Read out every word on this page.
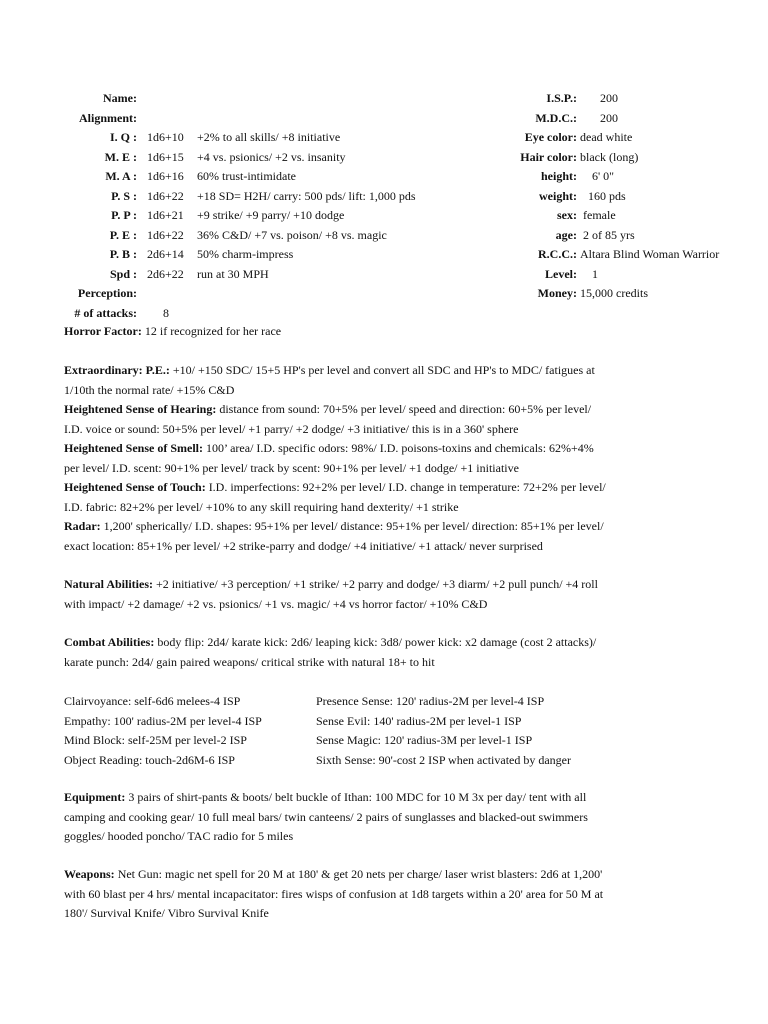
Name:
Alignment:
I. Q : 1d6+10 +2% to all skills/ +8 initiative
M. E : 1d6+15 +4 vs. psionics/ +2 vs. insanity
M. A : 1d6+16 60% trust-intimidate
P. S : 1d6+22 +18 SD= H2H/ carry: 500 pds/ lift: 1,000 pds
P. P : 1d6+21 +9 strike/ +9 parry/ +10 dodge
P. E : 1d6+22 36% C&D/ +7 vs. poison/ +8 vs. magic
P. B : 2d6+14 50% charm-impress
Spd : 2d6+22 run at 30 MPH
Perception:
# of attacks: 8
I.S.P.: 200
M.D.C.: 200
Eye color: dead white
Hair color: black (long)
height: 6' 0"
weight: 160 pds
sex: female
age: 2 of 85 yrs
R.C.C.: Altara Blind Woman Warrior
Level: 1
Money: 15,000 credits
Horror Factor: 12 if recognized for her race
Extraordinary: P.E.: +10/ +150 SDC/ 15+5 HP's per level and convert all SDC and HP's to MDC/ fatigues at
1/10th the normal rate/ +15% C&D
Heightened Sense of Hearing: distance from sound: 70+5% per level/ speed and direction: 60+5% per level/
I.D. voice or sound: 50+5% per level/ +1 parry/ +2 dodge/ +3 initiative/ this is in a 360' sphere
Heightened Sense of Smell: 100’ area/ I.D. specific odors: 98%/ I.D. poisons-toxins and chemicals: 62%+4%
per level/ I.D. scent: 90+1% per level/ track by scent: 90+1% per level/ +1 dodge/ +1 initiative
Heightened Sense of Touch: I.D. imperfections: 92+2% per level/ I.D. change in temperature: 72+2% per level/
I.D. fabric: 82+2% per level/ +10% to any skill requiring hand dexterity/ +1 strike
Radar: 1,200' spherically/ I.D. shapes: 95+1% per level/ distance: 95+1% per level/ direction: 85+1% per level/
exact location: 85+1% per level/ +2 strike-parry and dodge/ +4 initiative/ +1 attack/ never surprised
Natural Abilities: +2 initiative/ +3 perception/ +1 strike/ +2 parry and dodge/ +3 diarm/ +2 pull punch/ +4 roll
with impact/ +2 damage/ +2 vs. psionics/ +1 vs. magic/ +4 vs horror factor/ +10% C&D
Combat Abilities: body flip: 2d4/ karate kick: 2d6/ leaping kick: 3d8/ power kick: x2 damage (cost 2 attacks)/
karate punch: 2d4/ gain paired weapons/ critical strike with natural 18+ to hit
Clairvoyance: self-6d6 melees-4 ISP
Empathy: 100' radius-2M per level-4 ISP
Mind Block: self-25M per level-2 ISP
Object Reading: touch-2d6M-6 ISP
Presence Sense: 120' radius-2M per level-4 ISP
Sense Evil: 140' radius-2M per level-1 ISP
Sense Magic: 120' radius-3M per level-1 ISP
Sixth Sense: 90'-cost 2 ISP when activated by danger
Equipment: 3 pairs of shirt-pants & boots/ belt buckle of Ithan: 100 MDC for 10 M 3x per day/ tent with all
camping and cooking gear/ 10 full meal bars/ twin canteens/ 2 pairs of sunglasses and blacked-out swimmers
goggles/ hooded poncho/ TAC radio for 5 miles
Weapons: Net Gun: magic net spell for 20 M at 180' & get 20 nets per charge/ laser wrist blasters: 2d6 at 1,200'
with 60 blast per 4 hrs/ mental incapacitator: fires wisps of confusion at 1d8 targets within a 20' area for 50 M at
180'/ Survival Knife/ Vibro Survival Knife
